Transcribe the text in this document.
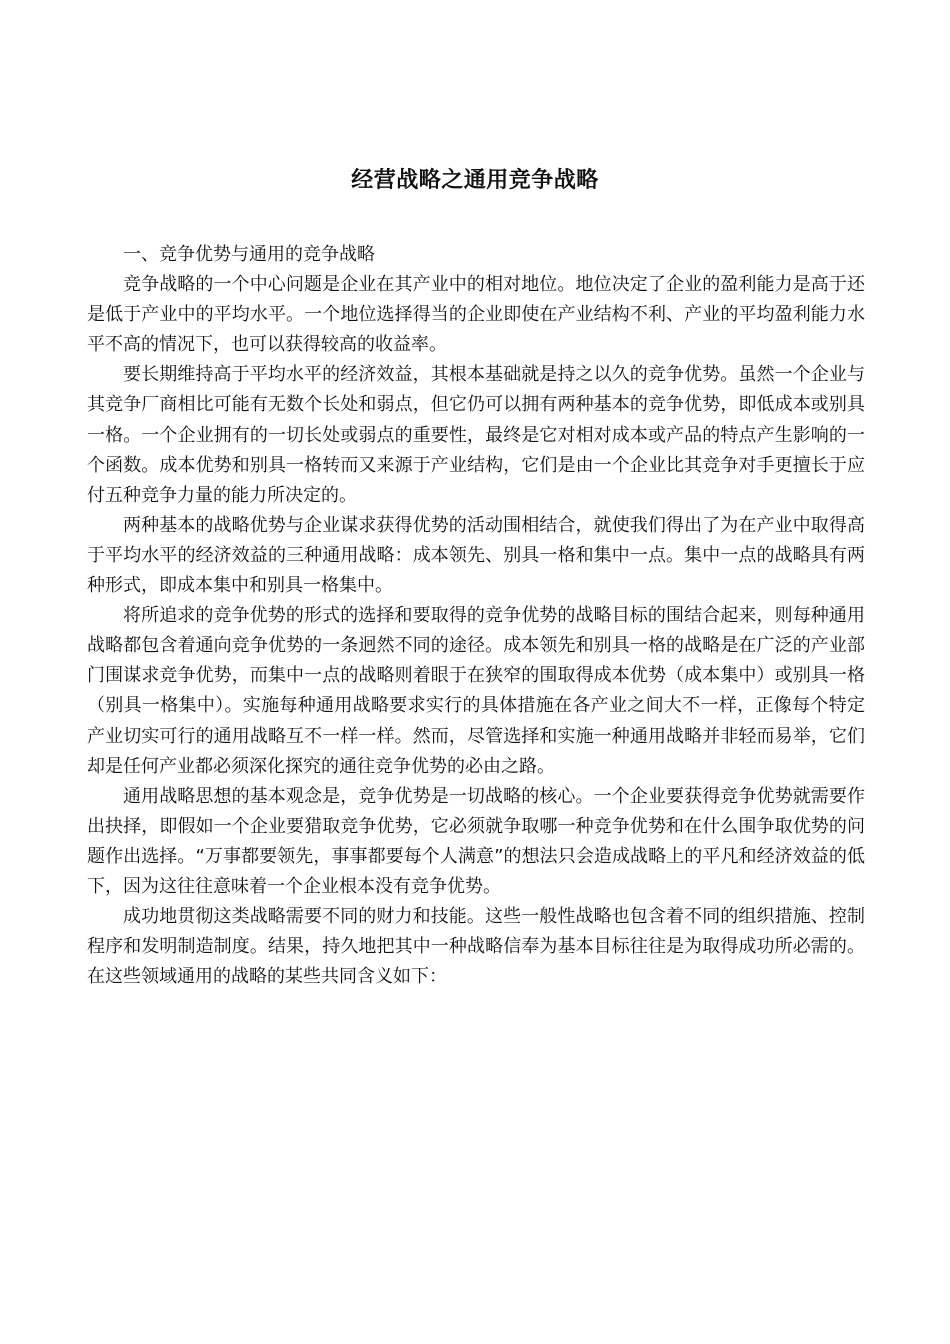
经营战略之通用竞争战略

一、竞争优势与通用的竞争战略

竞争战略的一个中心问题是企业在其产业中的相对地位。地位决定了企业的盈利能力是高于还是低于产业中的平均水平。一个地位选择得当的企业即使在产业结构不利、产业的平均盈利能力水平不高的情况下，也可以获得较高的收益率。

要长期维持高于平均水平的经济效益，其根本基础就是持之以久的竞争优势。虽然一个企业与其竞争厂商相比可能有无数个长处和弱点，但它仍可以拥有两种基本的竞争优势，即低成本或别具一格。一个企业拥有的一切长处或弱点的重要性，最终是它对相对成本或产品的特点产生影响的一个函数。成本优势和别具一格转而又来源于产业结构，它们是由一个企业比其竞争对手更擅长于应付五种竞争力量的能力所决定的。

两种基本的战略优势与企业谋求获得优势的活动围相结合，就使我们得出了为在产业中取得高于平均水平的经济效益的三种通用战略：成本领先、别具一格和集中一点。集中一点的战略具有两种形式，即成本集中和别具一格集中。

将所追求的竞争优势的形式的选择和要取得的竞争优势的战略目标的围结合起来，则每种通用战略都包含着通向竞争优势的一条迥然不同的途径。成本领先和别具一格的战略是在广泛的产业部门围谋求竞争优势，而集中一点的战略则着眼于在狭窄的围取得成本优势（成本集中）或别具一格（别具一格集中）。实施每种通用战略要求实行的具体措施在各产业之间大不一样，正像每个特定产业切实可行的通用战略互不一样一样。然而，尽管选择和实施一种通用战略并非轻而易举，它们却是任何产业都必须深化探究的通往竞争优势的必由之路。

通用战略思想的基本观念是，竞争优势是一切战略的核心。一个企业要获得竞争优势就需要作出抉择，即假如一个企业要猎取竞争优势，它必须就争取哪一种竞争优势和在什么围争取优势的问题作出选择。“万事都要领先，事事都要每个人满意”的想法只会造成战略上的平凡和经济效益的低下，因为这往往意味着一个企业根本没有竞争优势。

成功地贯彻这类战略需要不同的财力和技能。这些一般性战略也包含着不同的组织措施、控制程序和发明制造制度。结果，持久地把其中一种战略信奉为基本目标往往是为取得成功所必需的。在这些领域通用的战略的某些共同含义如下：
